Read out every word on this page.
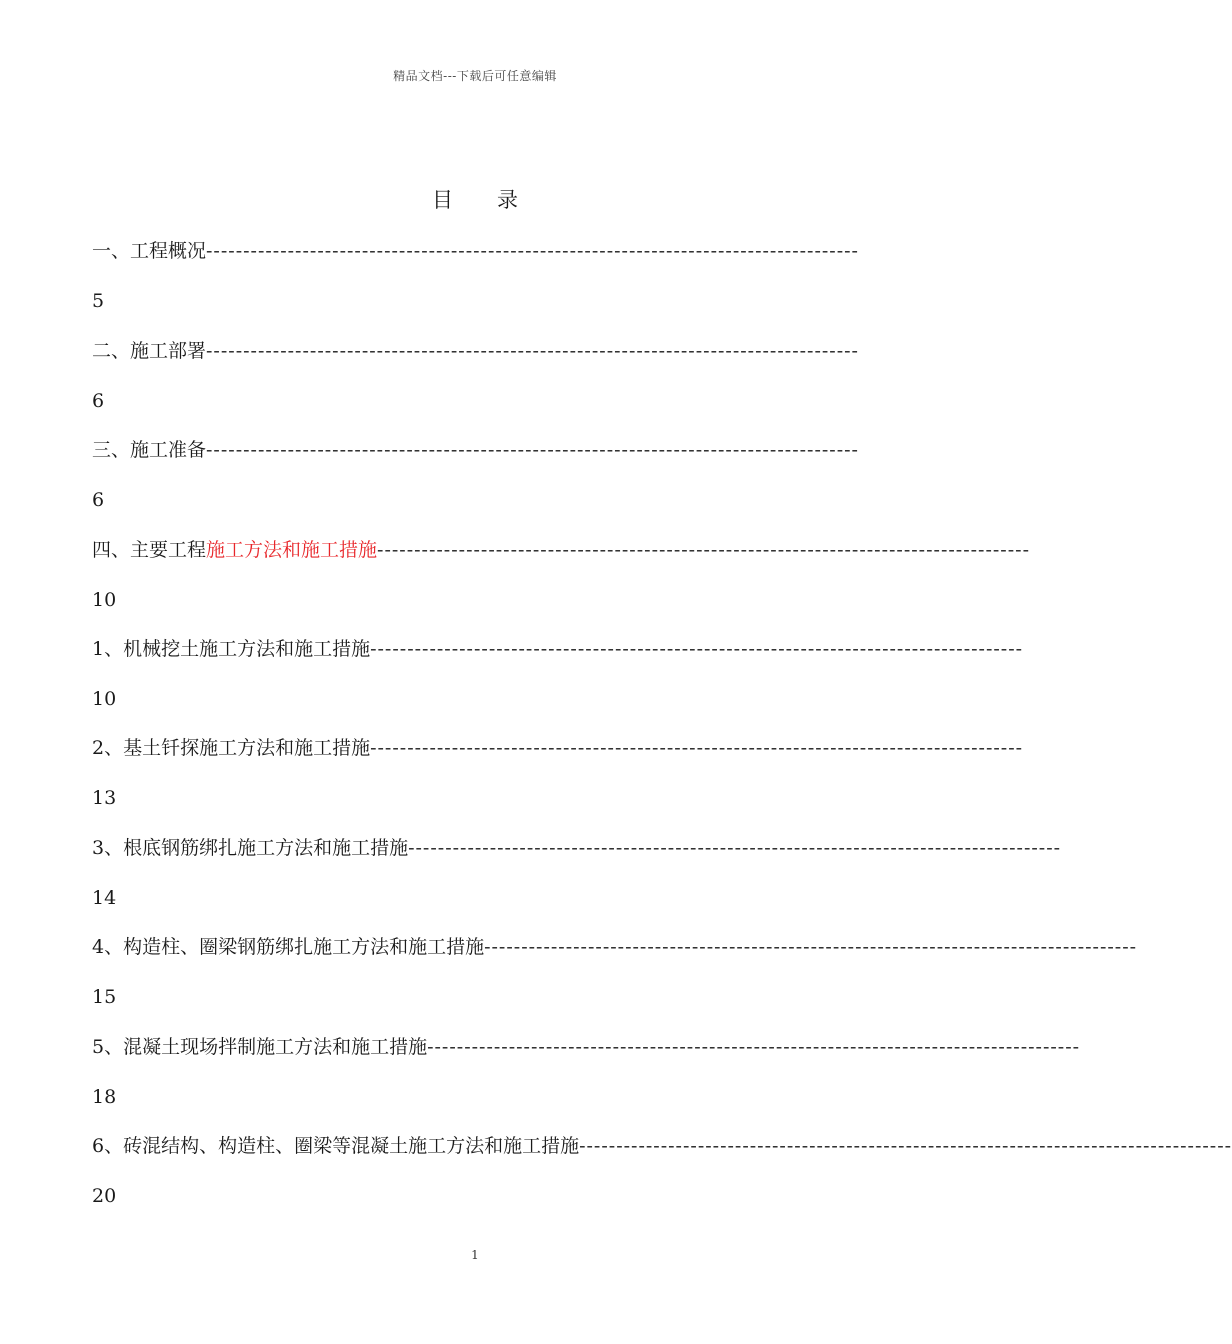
精品文档---下载后可任意编辑
目 录
一、工程概况----------------------------------------------------------------------------------------
5
二、施工部署----------------------------------------------------------------------------------------
6
三、施工准备----------------------------------------------------------------------------------------
6
四、主要工程施工方法和施工措施----------------------------------------------------------------------------------------
10
1、机械挖土施工方法和施工措施----------------------------------------------------------------------------------------
10
2、基土钎探施工方法和施工措施----------------------------------------------------------------------------------------
13
3、根底钢筋绑扎施工方法和施工措施----------------------------------------------------------------------------------------
14
4、构造柱、圈梁钢筋绑扎施工方法和施工措施----------------------------------------------------------------------------------------
15
5、混凝土现场拌制施工方法和施工措施----------------------------------------------------------------------------------------
18
6、砖混结构、构造柱、圈梁等混凝土施工方法和施工措施----------------------------------------------------------------------------------------
20
1
